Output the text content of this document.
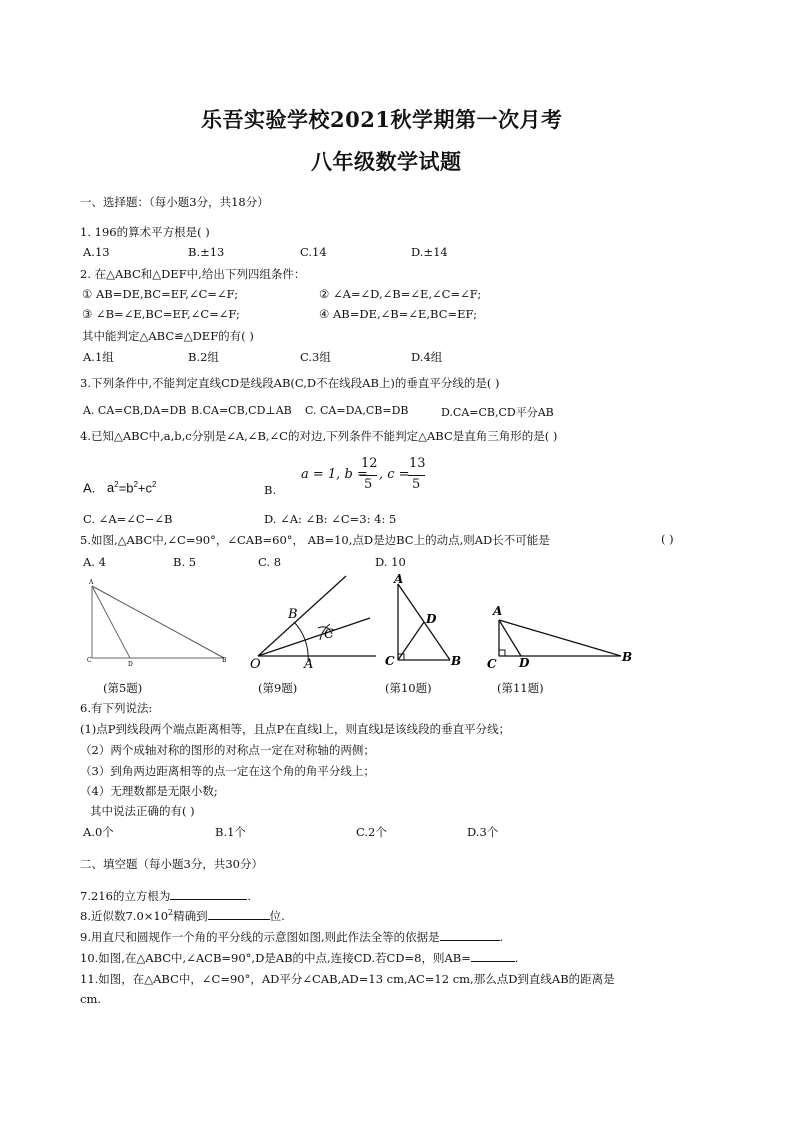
乐吾实验学校2021秋学期第一次月考
八年级数学试题
一、选择题：（每小题3分，共18分）
1. 196的算术平方根是( )
A.13	B.±13	C.14	D.±14
2. 在△ABC和△DEF中,给出下列四组条件：
① AB=DE,BC=EF,∠C=∠F;	② ∠A=∠D,∠B=∠E,∠C=∠F;
③ ∠B=∠E,BC=EF,∠C=∠F;	④ AB=DE,∠B=∠E,BC=EF;
其中能判定△ABC≌△DEF的有( )
A.1组	B.2组	C.3组	D.4组
3.下列条件中,不能判定直线CD是线段AB(C,D不在线段AB上)的垂直平分线的是( )
A. CA=CB,DA=DB B.CA=CB,CD⊥AB C. CA=DA,CB=DB	D.CA=CB,CD平分AB
4.已知△ABC中,a,b,c分别是∠A,∠B,∠C的对边,下列条件不能判定△ABC是直角三角形的是( )
A. $a^2=b^2+c^2$	B.
a = 1, b =
12
5
, c =
13
5
C. ∠A=∠C−∠B	D. ∠A: ∠B: ∠C=3: 4: 5
5.如图,△ABC中,∠C=90°，∠CAB=60°， AB=10,点D是边BC上的动点,则AD长不可能是	( )
A. 4	B. 5	C. 8	D. 10
A
C
D
B
B
C
O	A
A
D
C	B
A
C D	B
(第5题)	(第9题)	(第10题)	(第11题)
6.有下列说法:
(1)点P到线段两个端点距离相等，且点P在直线l上，则直线l是该线段的垂直平分线；
（2）两个成轴对称的图形的对称点一定在对称轴的两侧；
（3）到角两边距离相等的点一定在这个角的角平分线上；
（4）无理数都是无限小数;
其中说法正确的有( )
A.0个	B.1个	C.2个	D.3个
二、填空题（每小题3分，共30分）
7.216的立方根为	.
8.近似数$7.0\times 10^2$精确到	位.
9.用直尺和圆规作一个角的平分线的示意图如图,则此作法全等的依据是	.
10.如图,在△ABC中,∠ACB=90°,D是AB的中点,连接CD.若CD=8，则AB=	.
11.如图，在△ABC中，∠C=90°，AD平分∠CAB,AD=13 cm,AC=12 cm,那么点D到直线AB的距离是
cm.
